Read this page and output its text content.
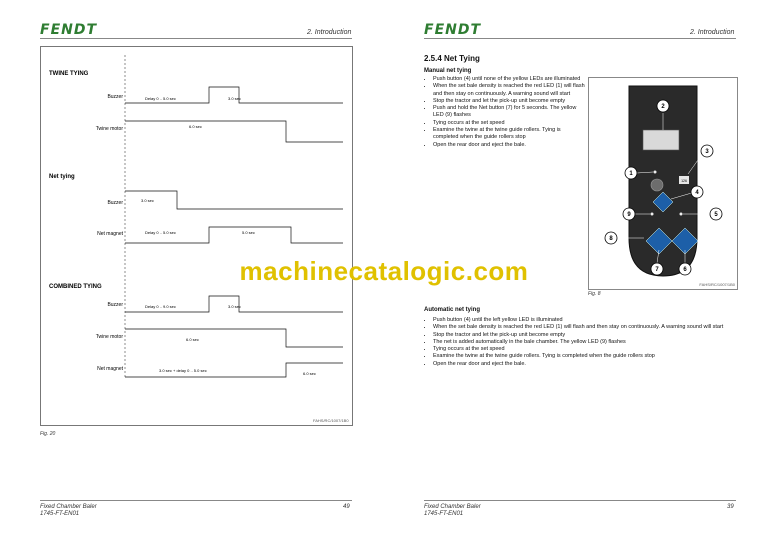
FENDT	2. Introduction
TWINE TYING
Net tying
COMBINED TYING
Buzzer	Delay 0 .. 5.0 sec	3.0 sec
Twine motor	6.0 sec
Buzzer	3.0 sec
Net magnet	Delay 0 .. 5.0 sec	5.0 sec
Buzzer	Delay 0 .. 9.0 sec	3.0 sec
Twine motor	6.0 sec
Net magnet	3.0 sec + delay 0 .. 5.0 sec
6.0 sec
FAHS/RC/1007/1B0
Fig. 20
Fixed Chamber Baler
1745-FT-EN01
49
FENDT	2. Introduction
2.5.4 Net Tying
Manual net tying
• Push button (4) until none of the yellow LEDs are illuminated
• When the set bale density is reached the red LED (1) will flash and then stay on continuously. A warning sound will start
• Stop the tractor and let the pick-up unit become empty
• Push and hold the Net button (7) for 5 seconds. The yellow LED (9) flashes
• Tying occurs at the set speed
• Examine the twine at the twine guide rollers. Tying is completed when the guide rollers stop
• Open the rear door and eject the bale.
126
1
2
3
4
5
6
7
8
9
FAHS/RC/1007/1B0
Fig. 8
Automatic net tying
• Push button (4) until the left yellow LED is illuminated
• When the set bale density is reached the red LED (1) will flash and then stay on continuously. A warning sound will start
• Stop the tractor and let the pick-up unit become empty
• The net is added automatically in the bale chamber. The yellow LED (9) flashes
• Tying occurs at the set speed
• Examine the twine at the twine guide rollers. Tying is completed when the guide rollers stop
• Open the rear door and eject the bale.
Fixed Chamber Baler
1745-FT-EN01
39
machinecatalogic.com
